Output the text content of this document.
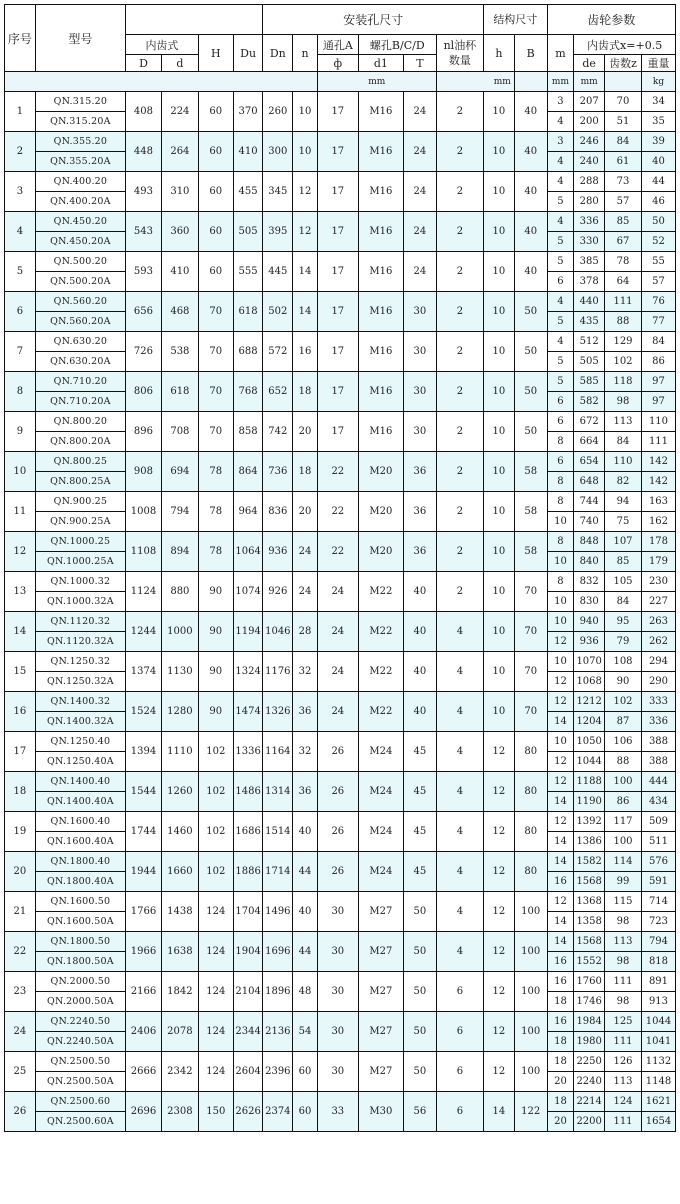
序号	型号					安装孔尺寸						结构尺寸		齿轮参数			
		内齿式		H	Du	Dn	n	通孔A	螺孔B/C/D		nl油杯数量	h	B	m	内齿式x=+0.5		
		D	d					ф	d1	T					de	齿数z	重量
								mm			mm			mm	mm		kg
1	QN.315.20	408	224	60	370	260	10	17	M16	24	2	10	40	3	207	70	34
	QN.315.20A													4	200	51	35
2	QN.355.20	448	264	60	410	300	10	17	M16	24	2	10	40	3	246	84	39
	QN.355.20A													4	240	61	40
3	QN.400.20	493	310	60	455	345	12	17	M16	24	2	10	40	4	288	73	44
	QN.400.20A													5	280	57	46
4	QN.450.20	543	360	60	505	395	12	17	M16	24	2	10	40	4	336	85	50
	QN.450.20A													5	330	67	52
5	QN.500.20	593	410	60	555	445	14	17	M16	24	2	10	40	5	385	78	55
	QN.500.20A													6	378	64	57
6	QN.560.20	656	468	70	618	502	14	17	M16	30	2	10	50	4	440	111	76
	QN.560.20A													5	435	88	77
7	QN.630.20	726	538	70	688	572	16	17	M16	30	2	10	50	4	512	129	84
	QN.630.20A													5	505	102	86
8	QN.710.20	806	618	70	768	652	18	17	M16	30	2	10	50	5	585	118	97
	QN.710.20A													6	582	98	97
9	QN.800.20	896	708	70	858	742	20	17	M16	30	2	10	50	6	672	113	110
	QN.800.20A													8	664	84	111
10	QN.800.25	908	694	78	864	736	18	22	M20	36	2	10	58	6	654	110	142
	QN.800.25A													8	648	82	142
11	QN.900.25	1008	794	78	964	836	20	22	M20	36	2	10	58	8	744	94	163
	QN.900.25A													10	740	75	162
12	QN.1000.25	1108	894	78	1064	936	24	22	M20	36	2	10	58	8	848	107	178
	QN.1000.25A													10	840	85	179
13	QN.1000.32	1124	880	90	1074	926	24	24	M22	40	2	10	70	8	832	105	230
	QN.1000.32A													10	830	84	227
14	QN.1120.32	1244	1000	90	1194	1046	28	24	M22	40	4	10	70	10	940	95	263
	QN.1120.32A													12	936	79	262
15	QN.1250.32	1374	1130	90	1324	1176	32	24	M22	40	4	10	70	10	1070	108	294
	QN.1250.32A													12	1068	90	290
16	QN.1400.32	1524	1280	90	1474	1326	36	24	M22	40	4	10	70	12	1212	102	333
	QN.1400.32A													14	1204	87	336
17	QN.1250.40	1394	1110	102	1336	1164	32	26	M24	45	4	12	80	10	1050	106	388
	QN.1250.40A													12	1044	88	388
18	QN.1400.40	1544	1260	102	1486	1314	36	26	M24	45	4	12	80	12	1188	100	444
	QN.1400.40A													14	1190	86	434
19	QN.1600.40	1744	1460	102	1686	1514	40	26	M24	45	4	12	80	12	1392	117	509
	QN.1600.40A													14	1386	100	511
20	QN.1800.40	1944	1660	102	1886	1714	44	26	M24	45	4	12	80	14	1582	114	576
	QN.1800.40A													16	1568	99	591
21	QN.1600.50	1766	1438	124	1704	1496	40	30	M27	50	4	12	100	12	1368	115	714
	QN.1600.50A													14	1358	98	723
22	QN.1800.50	1966	1638	124	1904	1696	44	30	M27	50	4	12	100	14	1568	113	794
	QN.1800.50A													16	1552	98	818
23	QN.2000.50	2166	1842	124	2104	1896	48	30	M27	50	6	12	100	16	1760	111	891
	QN.2000.50A													18	1746	98	913
24	QN.2240.50	2406	2078	124	2344	2136	54	30	M27	50	6	12	100	16	1984	125	1044
	QN.2240.50A													18	1980	111	1041
25	QN.2500.50	2666	2342	124	2604	2396	60	30	M27	50	6	12	100	18	2250	126	1132
	QN.2500.50A													20	2240	113	1148
26	QN.2500.60	2696	2308	150	2626	2374	60	33	M30	56	6	14	122	18	2214	124	1621
	QN.2500.60A													20	2200	111	1654
